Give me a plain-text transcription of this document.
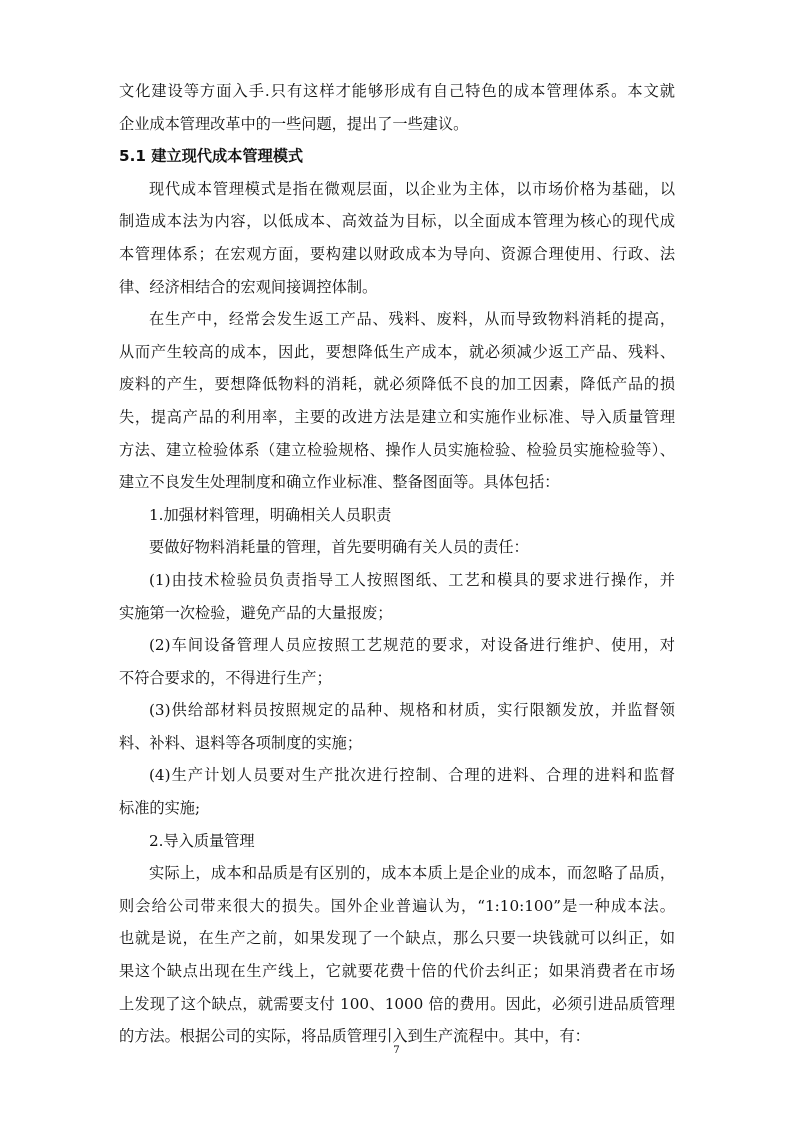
文化建设等方面入手.只有这样才能够形成有自己特色的成本管理体系。本文就
企业成本管理改革中的一些问题，提出了一些建议。
5.1 建立现代成本管理模式
现代成本管理模式是指在微观层面，以企业为主体，以市场价格为基础，以
制造成本法为内容，以低成本、高效益为目标，以全面成本管理为核心的现代成
本管理体系；在宏观方面，要构建以财政成本为导向、资源合理使用、行政、法
律、经济相结合的宏观间接调控体制。
在生产中，经常会发生返工产品、残料、废料，从而导致物料消耗的提高，
从而产生较高的成本，因此，要想降低生产成本，就必须减少返工产品、残料、
废料的产生，要想降低物料的消耗，就必须降低不良的加工因素，降低产品的损
失，提高产品的利用率，主要的改进方法是建立和实施作业标准、导入质量管理
方法、建立检验体系（建立检验规格、操作人员实施检验、检验员实施检验等）、
建立不良发生处理制度和确立作业标准、整备图面等。具体包括：
1.加强材料管理，明确相关人员职责
要做好物料消耗量的管理，首先要明确有关人员的责任：
(1)由技术检验员负责指导工人按照图纸、工艺和模具的要求进行操作，并
实施第一次检验，避免产品的大量报废；
(2)车间设备管理人员应按照工艺规范的要求，对设备进行维护、使用，对
不符合要求的，不得进行生产；
(3)供给部材料员按照规定的品种、规格和材质，实行限额发放，并监督领
料、补料、退料等各项制度的实施；
(4)生产计划人员要对生产批次进行控制、合理的进料、合理的进料和监督
标准的实施;
2.导入质量管理
实际上，成本和品质是有区别的，成本本质上是企业的成本，而忽略了品质，
则会给公司带来很大的损失。国外企业普遍认为，“1:10:100”是一种成本法。
也就是说，在生产之前，如果发现了一个缺点，那么只要一块钱就可以纠正，如
果这个缺点出现在生产线上，它就要花费十倍的代价去纠正；如果消费者在市场
上发现了这个缺点，就需要支付 100、1000 倍的费用。因此，必须引进品质管理
的方法。根据公司的实际，将品质管理引入到生产流程中。其中，有：
7
